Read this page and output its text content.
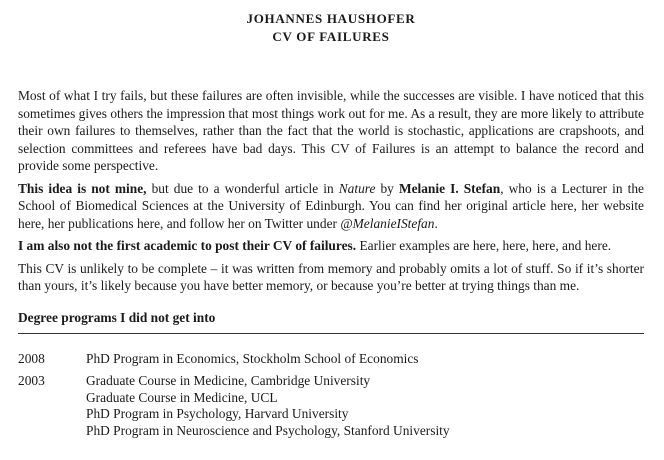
JOHANNES HAUSHOFER
CV OF FAILURES

Most of what I try fails, but these failures are often invisible, while the successes are visible. I have noticed that this sometimes gives others the impression that most things work out for me. As a result, they are more likely to attribute their own failures to themselves, rather than the fact that the world is stochastic, applications are crapshoots, and selection committees and referees have bad days. This CV of Failures is an attempt to balance the record and provide some perspective.

This idea is not mine, but due to a wonderful article in Nature by Melanie I. Stefan, who is a Lecturer in the School of Biomedical Sciences at the University of Edinburgh. You can find her original article here, her website here, her publications here, and follow her on Twitter under @MelanieIStefan.

I am also not the first academic to post their CV of failures. Earlier examples are here, here, here, and here.

This CV is unlikely to be complete – it was written from memory and probably omits a lot of stuff. So if it’s shorter than yours, it’s likely because you have better memory, or because you’re better at trying things than me.

Degree programs I did not get into
2008	PhD Program in Economics, Stockholm School of Economics
2003	Graduate Course in Medicine, Cambridge University
Graduate Course in Medicine, UCL
PhD Program in Psychology, Harvard University
PhD Program in Neuroscience and Psychology, Stanford University
